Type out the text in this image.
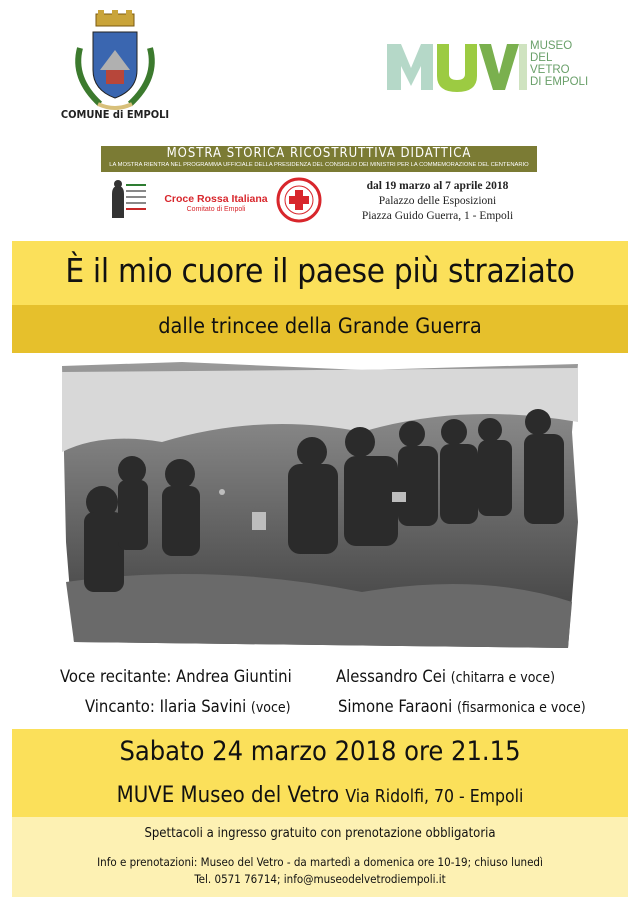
COMUNE di EMPOLI
MUSEO
DEL
VETRO
DI EMPOLI
MOSTRA STORICA RICOSTRUTTIVA DIDATTICA
LA MOSTRA RIENTRA NEL PROGRAMMA UFFICIALE DELLA PRESIDENZA DEL CONSIGLIO DEI MINISTRI PER LA COMMEMORAZIONE DEL CENTENARIO
Croce Rossa Italiana
Comitato di Empoli
dal 19 marzo al 7 aprile 2018
Palazzo delle Esposizioni
Piazza Guido Guerra, 1 - Empoli
È il mio cuore il paese più straziato
dalle trincee della Grande Guerra
Voce recitante: Andrea Giuntini	Alessandro Cei (chitarra e voce)
Vincanto: Ilaria Savini (voce)	Simone Faraoni (fisarmonica e voce)
Sabato 24 marzo 2018 ore 21.15
MUVE Museo del Vetro Via Ridolfi, 70 - Empoli
Spettacoli a ingresso gratuito con prenotazione obbligatoria
Info e prenotazioni: Museo del Vetro - da martedì a domenica ore 10-19; chiuso lunedì
Tel. 0571 76714; info@museodelvetrodiempoli.it
